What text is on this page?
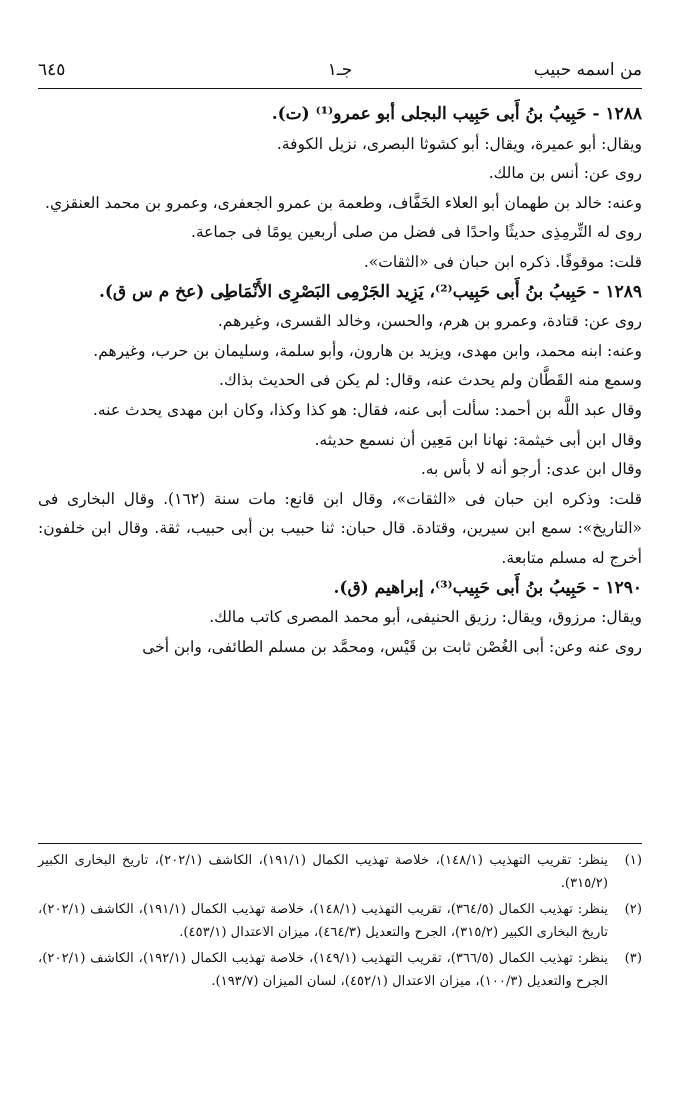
من اسمه حبيب
جـ١
٦٤٥

١٢٨٨ - حَبِيبُ بنُ أَبى حَبِيب البجلى أبو عمرو⁽¹⁾ (ت).

ويقال: أبو عميرة، ويقال: أبو كشوثا البصرى، نزيل الكوفة.

روى عن: أنس بن مالك.

وعنه: خالد بن طهمان أبو العلاء الخَفَّاف، وطعمة بن عمرو الجعفرى، وعمرو بن محمد العنقزي.

روى له التِّرمِذِى حديثًا واحدًا فى فضل من صلى أربعين يومًا فى جماعة.

قلت: موقوفًا. ذكره ابن حبان فى «الثقات».

١٢٨٩ - حَبِيبُ بنُ أَبى حَبِيب⁽²⁾، يَزِيد الجَرْمِى البَصْرِى الأَنْمَاطِى (عخ م س ق).

روى عن: قتادة، وعمرو بن هرم، والحسن، وخالد القسرى، وغيرهم.

وعنه: ابنه محمد، وابن مهدى، ويزيد بن هارون، وأبو سلمة، وسليمان بن حرب، وغيرهم.

وسمع منه القَطَّان ولم يحدث عنه، وقال: لم يكن فى الحديث بذاك.

وقال عبد اللَّه بن أحمد: سألت أبى عنه، فقال: هو كذا وكذا، وكان ابن مهدى يحدث عنه.

وقال ابن أبى خيثمة: نهانا ابن مَعِين أن نسمع حديثه.

وقال ابن عدى: أرجو أنه لا بأس به.

قلت: وذكره ابن حبان فى «الثقات»، وقال ابن قانع: مات سنة (١٦٢). وقال البخارى فى «التاريخ»: سمع ابن سيرين، وقتادة. قال حبان: ثنا حبيب بن أبى حبيب، ثقة. وقال ابن خلفون: أخرج له مسلم متابعة.

١٢٩٠ - حَبِيبُ بنُ أَبى حَبِيب⁽³⁾، إبراهيم (ق).

ويقال: مرزوق، ويقال: رزيق الحنيفى، أبو محمد المصرى كاتب مالك.

روى عنه وعن: أبى الغُصْن ثابت بن قَيْس، ومحمَّد بن مسلم الطائفى، وابن أخى

(١)
ينظر: تقريب التهذيب (١٤٨/١)، خلاصة تهذيب الكمال (١٩١/١)، الكاشف (٢٠٢/١)، تاريخ البخارى الكبير (٣١٥/٢).
(٢)
ينظر: تهذيب الكمال (٣٦٤/٥)، تقريب التهذيب (١٤٨/١)، خلاصة تهذيب الكمال (١٩١/١)، الكاشف (٢٠٢/١)، تاريخ البخارى الكبير (٣١٥/٢)، الجرح والتعديل (٤٦٤/٣)، ميزان الاعتدال (٤٥٣/١).
(٣)
ينظر: تهذيب الكمال (٣٦٦/٥)، تقريب التهذيب (١٤٩/١)، خلاصة تهذيب الكمال (١٩٢/١)، الكاشف (٢٠٢/١)، الجرح والتعديل (١٠٠/٣)، ميزان الاعتدال (٤٥٢/١)، لسان الميزان (١٩٣/٧).
